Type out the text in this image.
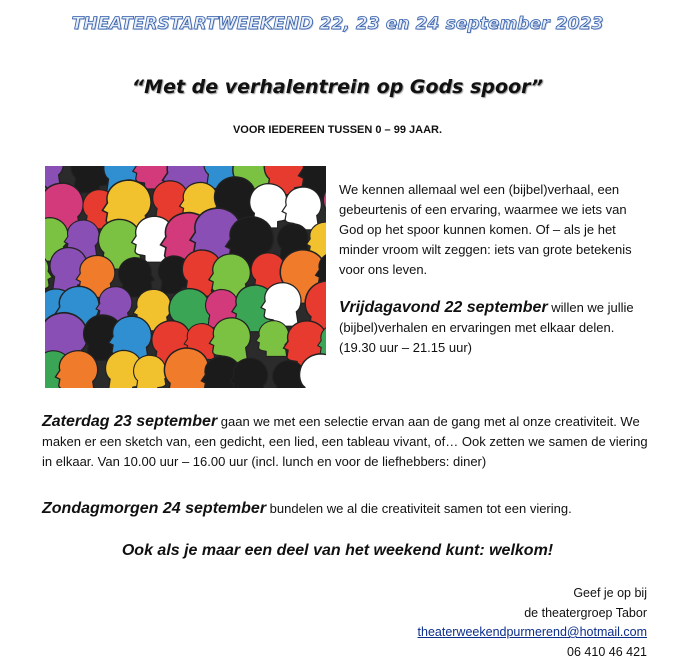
THEATERSTARTWEEKEND 22, 23 en 24 september 2023
“Met de verhalentrein op Gods spoor”
VOOR IEDEREEN TUSSEN 0 – 99 JAAR.
We kennen allemaal wel een (bijbel)verhaal, een gebeurtenis of een ervaring, waarmee we iets van God op het spoor kunnen komen. Of – als je het minder vroom wilt zeggen: iets van grote betekenis voor ons leven.
Vrijdagavond 22 september willen we jullie (bijbel)verhalen en ervaringen met elkaar delen. (19.30 uur – 21.15 uur)
Zaterdag 23 september gaan we met een selectie ervan aan de gang met al onze creativiteit. We maken er een sketch van, een gedicht, een lied, een tableau vivant, of… Ook zetten we samen de viering in elkaar. Van 10.00 uur – 16.00 uur (incl. lunch en voor de liefhebbers: diner)
Zondagmorgen 24 september bundelen we al die creativiteit samen tot een viering.
Ook als je maar een deel van het weekend kunt: welkom!
Geef je op bij
de theatergroep Tabor
theaterweekendpurmerend@hotmail.com
06 410 46 421
